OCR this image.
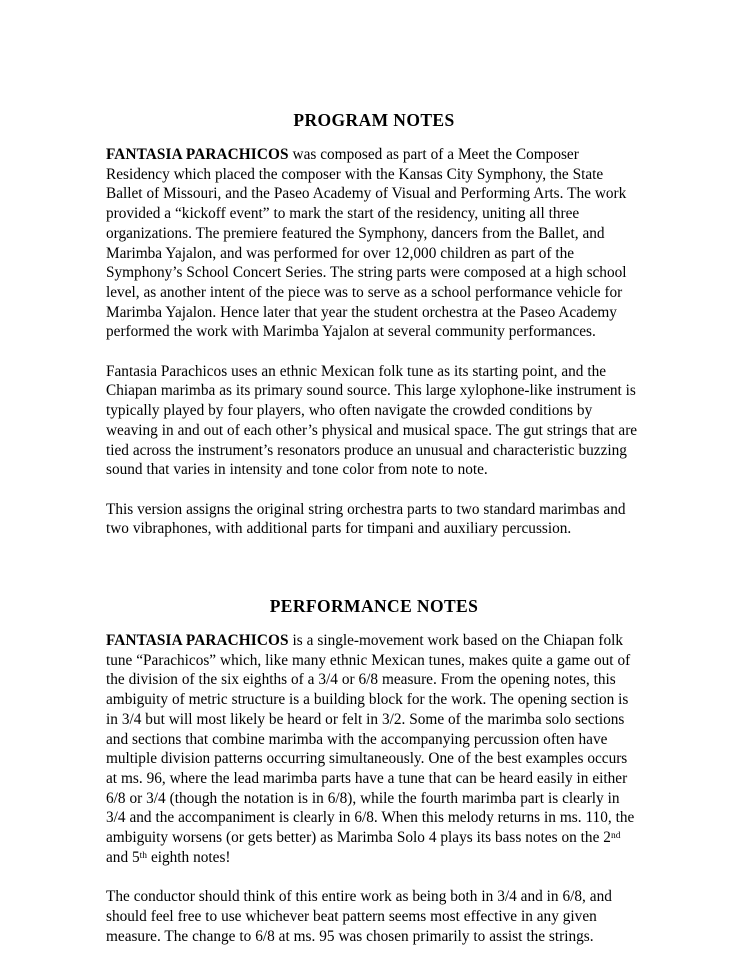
PROGRAM NOTES

FANTASIA PARACHICOS was composed as part of a Meet the Composer Residency which placed the composer with the Kansas City Symphony, the State Ballet of Missouri, and the Paseo Academy of Visual and Performing Arts. The work provided a “kickoff event” to mark the start of the residency, uniting all three organizations. The premiere featured the Symphony, dancers from the Ballet, and Marimba Yajalon, and was performed for over 12,000 children as part of the Symphony’s School Concert Series. The string parts were composed at a high school level, as another intent of the piece was to serve as a school performance vehicle for Marimba Yajalon. Hence later that year the student orchestra at the Paseo Academy performed the work with Marimba Yajalon at several community performances.

Fantasia Parachicos uses an ethnic Mexican folk tune as its starting point, and the Chiapan marimba as its primary sound source. This large xylophone-like instrument is typically played by four players, who often navigate the crowded conditions by weaving in and out of each other’s physical and musical space. The gut strings that are tied across the instrument’s resonators produce an unusual and characteristic buzzing sound that varies in intensity and tone color from note to note.

This version assigns the original string orchestra parts to two standard marimbas and two vibraphones, with additional parts for timpani and auxiliary percussion.

PERFORMANCE NOTES

FANTASIA PARACHICOS is a single-movement work based on the Chiapan folk tune “Parachicos” which, like many ethnic Mexican tunes, makes quite a game out of the division of the six eighths of a 3/4 or 6/8 measure. From the opening notes, this ambiguity of metric structure is a building block for the work. The opening section is in 3/4 but will most likely be heard or felt in 3/2. Some of the marimba solo sections and sections that combine marimba with the accompanying percussion often have multiple division patterns occurring simultaneously. One of the best examples occurs at ms. 96, where the lead marimba parts have a tune that can be heard easily in either 6/8 or 3/4 (though the notation is in 6/8), while the fourth marimba part is clearly in 3/4 and the accompaniment is clearly in 6/8. When this melody returns in ms. 110, the ambiguity worsens (or gets better) as Marimba Solo 4 plays its bass notes on the 2nd and 5th eighth notes!

The conductor should think of this entire work as being both in 3/4 and in 6/8, and should feel free to use whichever beat pattern seems most effective in any given measure. The change to 6/8 at ms. 95 was chosen primarily to assist the strings.
